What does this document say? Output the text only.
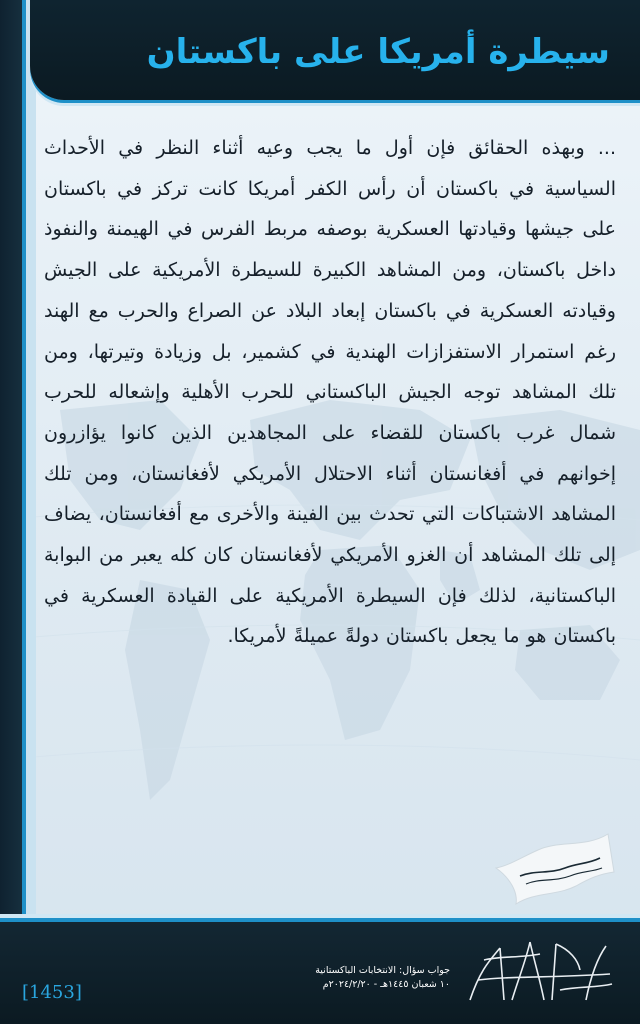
سيطرة أمريكا على باكستان

... وبهذه الحقائق فإن أول ما يجب وعيه أثناء النظر في الأحداث السياسية في باكستان أن رأس الكفر أمريكا كانت تركز في باكستان على جيشها وقيادتها العسكرية بوصفه مربط الفرس في الهيمنة والنفوذ داخل باكستان، ومن المشاهد الكبيرة للسيطرة الأمريكية على الجيش وقيادته العسكرية في باكستان إبعاد البلاد عن الصراع والحرب مع الهند رغم استمرار الاستفزازات الهندية في كشمير، بل وزيادة وتيرتها، ومن تلك المشاهد توجه الجيش الباكستاني للحرب الأهلية وإشعاله للحرب شمال غرب باكستان للقضاء على المجاهدين الذين كانوا يؤازرون إخوانهم في أفغانستان أثناء الاحتلال الأمريكي لأفغانستان، ومن تلك المشاهد الاشتباكات التي تحدث بين الفينة والأخرى مع أفغانستان، يضاف إلى تلك المشاهد أن الغزو الأمريكي لأفغانستان كان كله يعبر من البوابة الباكستانية، لذلك فإن السيطرة الأمريكية على القيادة العسكرية في باكستان هو ما يجعل باكستان دولةً عميلةً لأمريكا.

جواب سؤال: الانتخابات الباكستانية
١٠ شعبان ١٤٤٥هـ - ٢٠٢٤/٢/٢٠م
[1453]
